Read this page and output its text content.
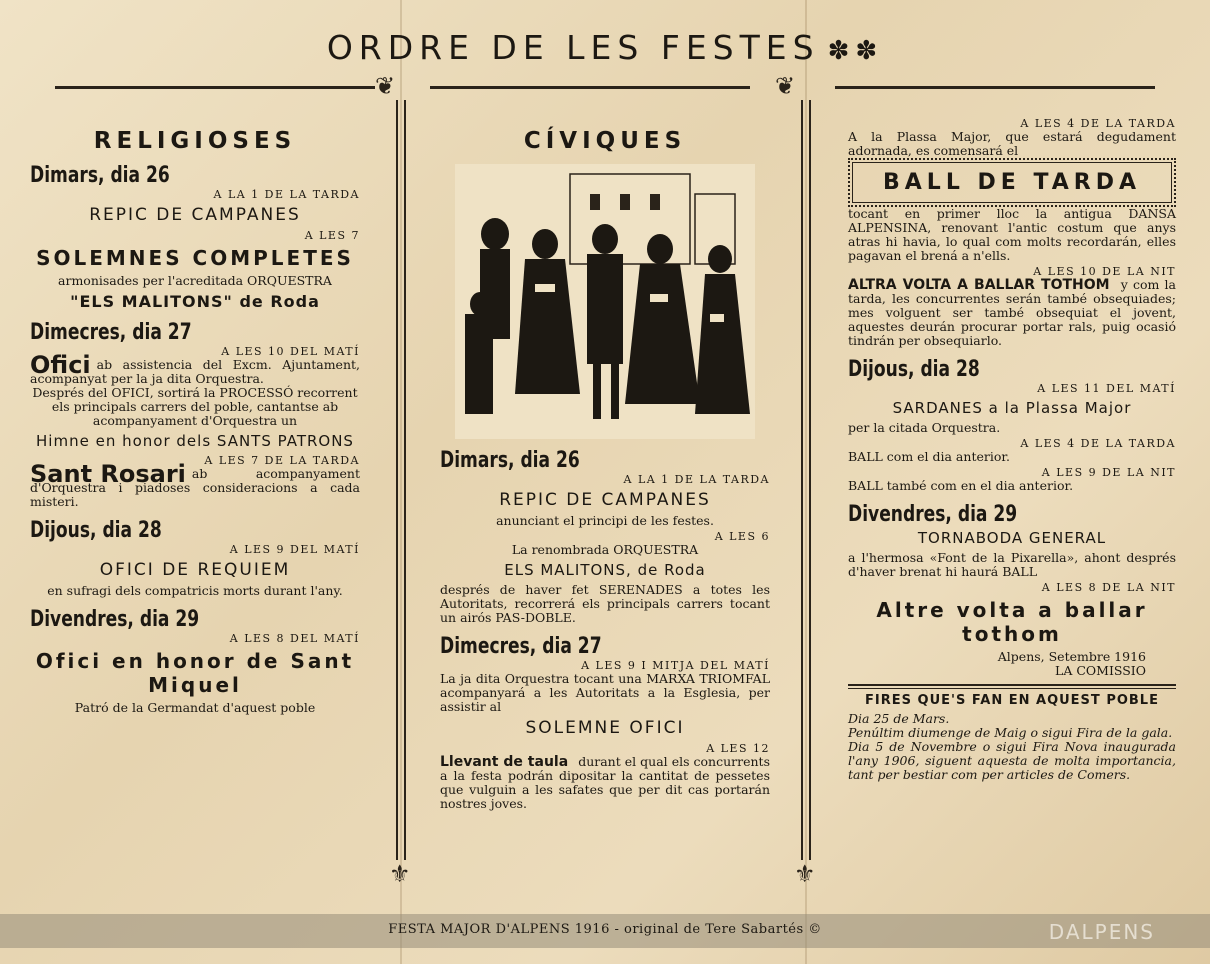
ORDRE DE LES FESTES ✽✽
❦	❦
⚜	⚜
RELIGIOSES

Dimars, dia 26

A LA 1 DE LA TARDA

REPIC DE CAMPANES

A LES 7

SOLEMNES COMPLETES

armonisades per l'acreditada ORQUESTRA

"ELS MALITONS" de Roda

Dimecres, dia 27

A LES 10 DEL MATÍ

Ofici ab assistencia del Excm. Ajuntament, acompanyat per la ja dita Orquestra.

Després del OFICI, sortirá la PROCESSÓ recorrent els principals carrers del poble, cantantse ab acompanyament d'Orquestra un

Himne en honor dels SANTS PATRONS

A LES 7 DE LA TARDA

Sant Rosari ab acompanyament d'Orquestra i piadoses consideracions a cada misteri.

Dijous, dia 28

A LES 9 DEL MATÍ

OFICI DE REQUIEM

en sufragi dels compatricis morts durant l'any.

Divendres, dia 29

A LES 8 DEL MATÍ

Ofici en honor de Sant Miquel

Patró de la Germandat d'aquest poble

CÍVIQUES

Dimars, dia 26

A LA 1 DE LA TARDA

REPIC DE CAMPANES

anunciant el principi de les festes.

A LES 6

La renombrada ORQUESTRA

ELS MALITONS, de Roda

després de haver fet SERENADES a totes les Autoritats, recorrerá els principals carrers tocant un airós PAS-DOBLE.

Dimecres, dia 27

A LES 9 I MITJA DEL MATÍ

La ja dita Orquestra tocant una MARXA TRIOMFAL acompanyará a les Autoritats a la Esglesia, per assistir al

SOLEMNE OFICI

A LES 12

Llevant de taula durant el qual els concurrents a la festa podrán dipositar la cantitat de pessetes que vulguin a les safates que per dit cas portarán nostres joves.

A LES 4 DE LA TARDA

A la Plassa Major, que estará degudament adornada, es comensará el

BALL DE TARDA

tocant en primer lloc la antigua DANSA ALPENSINA, renovant l'antic costum que anys atras hi havia, lo qual com molts recordarán, elles pagavan el brená a n'ells.

A LES 10 DE LA NIT

ALTRA VOLTA A BALLAR TOTHOM y com la tarda, les concurrentes serán també obsequiades; mes volguent ser també obsequiat el jovent, aquestes deurán procurar portar rals, puig ocasió tindrán per obsequiarlo.

Dijous, dia 28

A LES 11 DEL MATÍ

SARDANES a la Plassa Major

per la citada Orquestra.

A LES 4 DE LA TARDA

BALL com el dia anterior.

A LES 9 DE LA NIT

BALL també com en el dia anterior.

Divendres, dia 29

TORNABODA GENERAL

a l'hermosa «Font de la Pixarella», ahont després d'haver brenat hi haurá BALL

A LES 8 DE LA NIT

Altre volta a ballar tothom

Alpens, Setembre 1916

LA COMISSIO

FIRES QUE'S FAN EN AQUEST POBLE

Dia 25 de Mars.

Penúltim diumenge de Maig o sigui Fira de la gala.

Dia 5 de Novembre o sigui Fira Nova inaugurada l'any 1906, siguent aquesta de molta importancia, tant per bestiar com per articles de Comers.

FESTA MAJOR D'ALPENS 1916 - original de Tere Sabartés ©	DALPENS
